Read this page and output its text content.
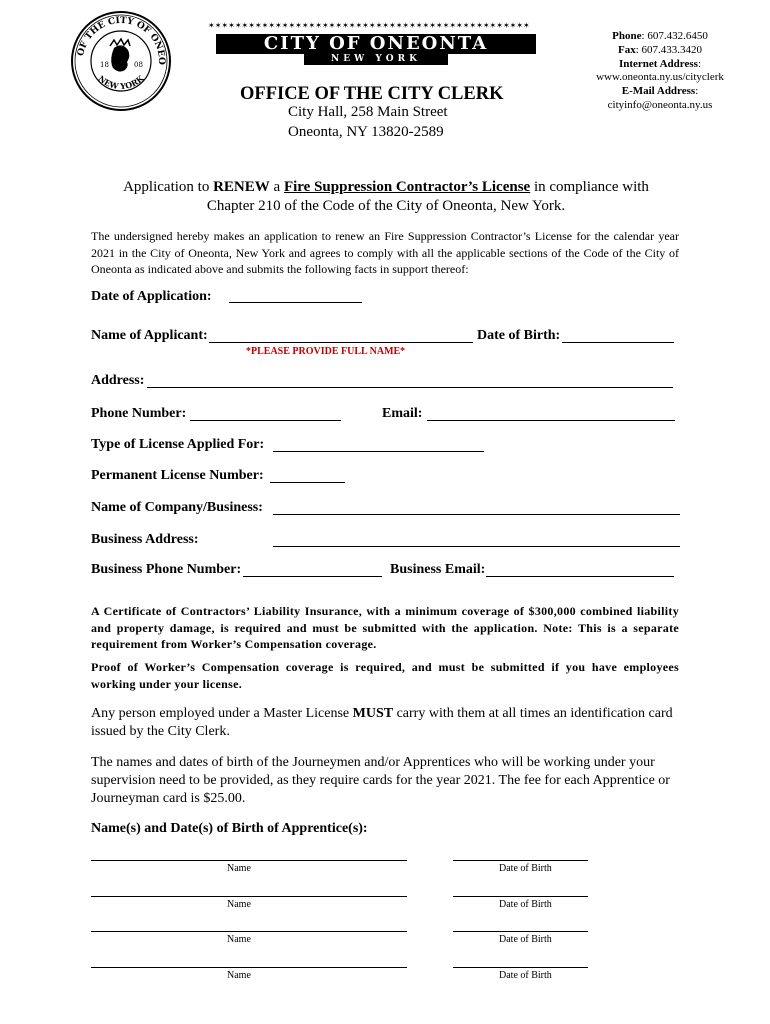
OF THE CITY OF ONEO
NEW YORK
18	08
✶✶✶✶✶✶✶✶✶✶✶✶✶✶✶✶✶✶✶✶✶✶✶✶✶✶✶✶✶✶✶✶✶✶✶✶✶✶✶✶✶✶✶✶✶✶✶✶
CITY OF ONEONTA
NEW YORK
OFFICE OF THE CITY CLERK
City Hall, 258 Main Street
Oneonta, NY 13820-2589
Phone: 607.432.6450
Fax: 607.433.3420
Internet Address:
www.oneonta.ny.us/cityclerk
E-Mail Address:
cityinfo@oneonta.ny.us
Application to RENEW a Fire Suppression Contractor’s License in compliance with
Chapter 210 of the Code of the City of Oneonta, New York.
The undersigned hereby makes an application to renew an Fire Suppression Contractor’s License for the calendar year 2021 in the City of Oneonta, New York and agrees to comply with all the applicable sections of the Code of the City of Oneonta as indicated above and submits the following facts in support thereof:
Date of Application:
Name of Applicant:	Date of Birth:
*PLEASE PROVIDE FULL NAME*
Address:
Phone Number:	Email:
Type of License Applied For:
Permanent License Number:
Name of Company/Business:
Business Address:
Business Phone Number:	Business Email:
A Certificate of Contractors’ Liability Insurance, with a minimum coverage of $300,000 combined liability and property damage, is required and must be submitted with the application. Note: This is a separate requirement from Worker’s Compensation coverage.
Proof of Worker’s Compensation coverage is required, and must be submitted if you have employees working under your license.
Any person employed under a Master License MUST carry with them at all times an identification card issued by the City Clerk.
The names and dates of birth of the Journeymen and/or Apprentices who will be working under your supervision need to be provided, as they require cards for the year 2021. The fee for each Apprentice or Journeyman card is $25.00.
Name(s) and Date(s) of Birth of Apprentice(s):
Name	Date of Birth
Name	Date of Birth
Name	Date of Birth
Name	Date of Birth
